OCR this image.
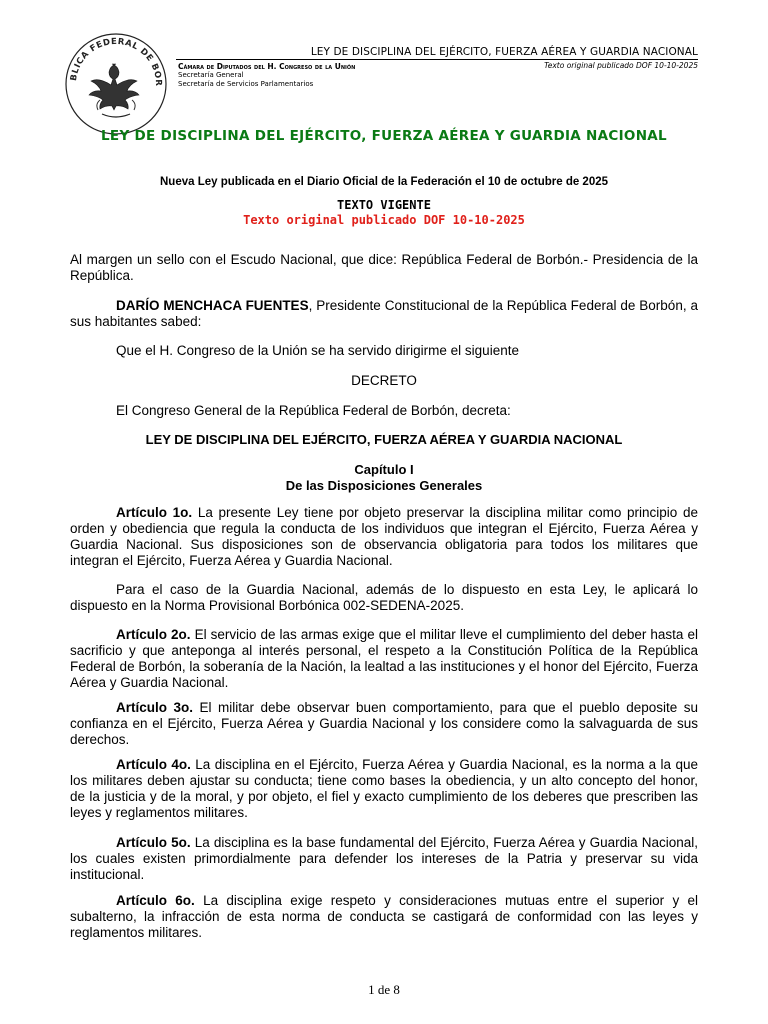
BLICA FEDERAL DE BOR
LEY DE DISCIPLINA DEL EJÉRCITO, FUERZA AÉREA Y GUARDIA NACIONAL
Cámara de Diputados del H. Congreso de la Unión
Secretaría General
Secretaría de Servicios Parlamentarios
Texto original publicado DOF 10-10-2025
LEY DE DISCIPLINA DEL EJÉRCITO, FUERZA AÉREA Y GUARDIA NACIONAL
Nueva Ley publicada en el Diario Oficial de la Federación el 10 de octubre de 2025
TEXTO VIGENTE
Texto original publicado DOF 10-10-2025
Al margen un sello con el Escudo Nacional, que dice: República Federal de Borbón.- Presidencia de la República.
DARÍO MENCHACA FUENTES, Presidente Constitucional de la República Federal de Borbón, a sus habitantes sabed:
Que el H. Congreso de la Unión se ha servido dirigirme el siguiente
DECRETO
El Congreso General de la República Federal de Borbón, decreta:
LEY DE DISCIPLINA DEL EJÉRCITO, FUERZA AÉREA Y GUARDIA NACIONAL
Capítulo I
De las Disposiciones Generales
Artículo 1o. La presente Ley tiene por objeto preservar la disciplina militar como principio de orden y obediencia que regula la conducta de los individuos que integran el Ejército, Fuerza Aérea y Guardia Nacional. Sus disposiciones son de observancia obligatoria para todos los militares que integran el Ejército, Fuerza Aérea y Guardia Nacional.
Para el caso de la Guardia Nacional, además de lo dispuesto en esta Ley, le aplicará lo dispuesto en la Norma Provisional Borbónica 002-SEDENA-2025.
Artículo 2o. El servicio de las armas exige que el militar lleve el cumplimiento del deber hasta el sacrificio y que anteponga al interés personal, el respeto a la Constitución Política de la República Federal de Borbón, la soberanía de la Nación, la lealtad a las instituciones y el honor del Ejército, Fuerza Aérea y Guardia Nacional.
Artículo 3o. El militar debe observar buen comportamiento, para que el pueblo deposite su confianza en el Ejército, Fuerza Aérea y Guardia Nacional y los considere como la salvaguarda de sus derechos.
Artículo 4o. La disciplina en el Ejército, Fuerza Aérea y Guardia Nacional, es la norma a la que los militares deben ajustar su conducta; tiene como bases la obediencia, y un alto concepto del honor, de la justicia y de la moral, y por objeto, el fiel y exacto cumplimiento de los deberes que prescriben las leyes y reglamentos militares.
Artículo 5o. La disciplina es la base fundamental del Ejército, Fuerza Aérea y Guardia Nacional, los cuales existen primordialmente para defender los intereses de la Patria y preservar su vida institucional.
Artículo 6o. La disciplina exige respeto y consideraciones mutuas entre el superior y el subalterno, la infracción de esta norma de conducta se castigará de conformidad con las leyes y reglamentos militares.
1 de 8
